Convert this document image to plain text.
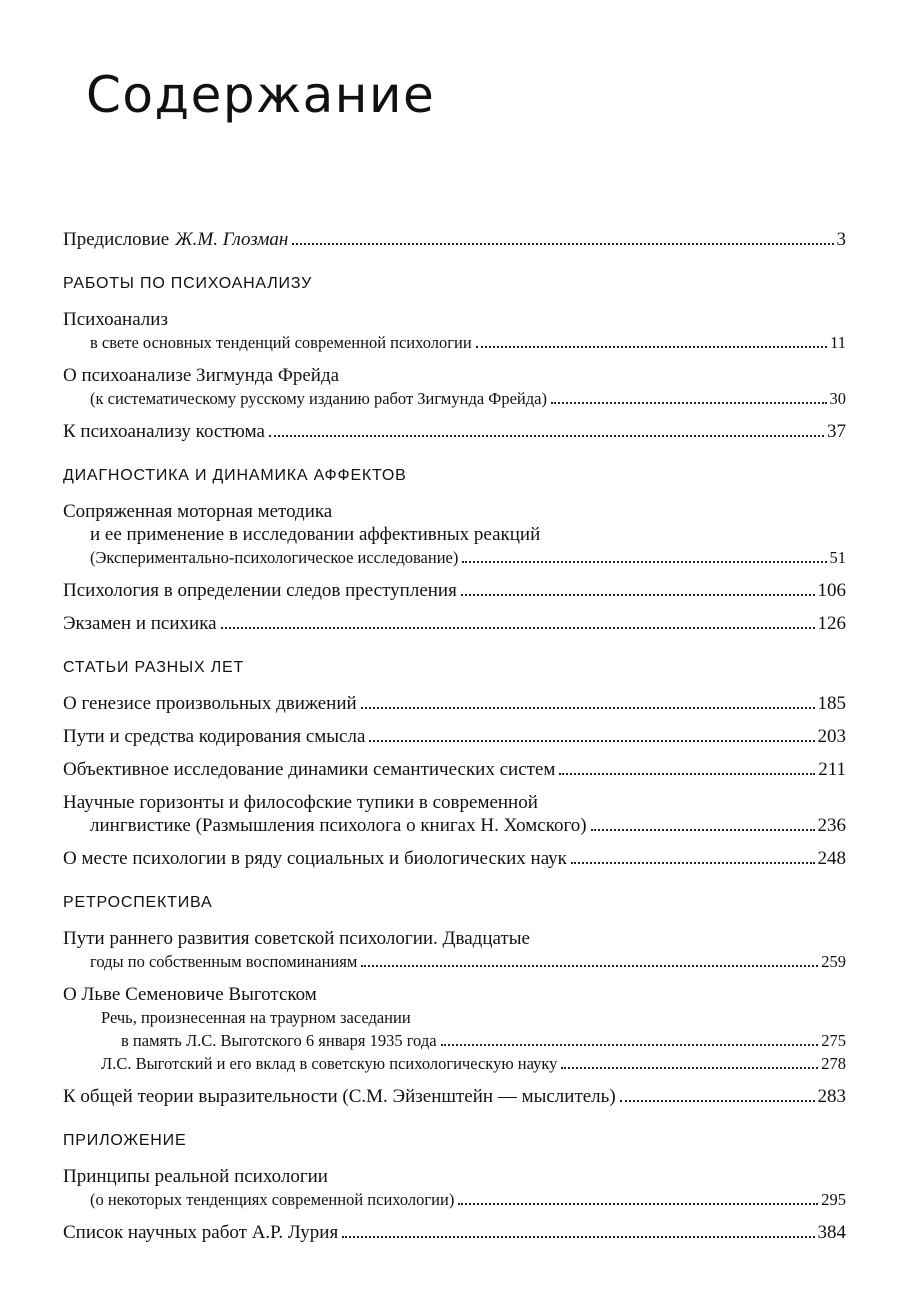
Содержание
Предисловие Ж.М. Глозман	3
РАБОТЫ ПО ПСИХОАНАЛИЗУ
Психоанализ
в свете основных тенденций современной психологии	11
О психоанализе Зигмунда Фрейда
(к систематическому русскому изданию работ Зигмунда Фрейда)	30
К психоанализу костюма	37
ДИАГНОСТИКА И ДИНАМИКА АФФЕКТОВ
Сопряженная моторная методика
и ее применение в исследовании аффективных реакций
(Экспериментально-психологическое исследование)	51
Психология в определении следов преступления	106
Экзамен и психика	126
СТАТЬИ РАЗНЫХ ЛЕТ
О генезисе произвольных движений	185
Пути и средства кодирования смысла	203
Объективное исследование динамики семантических систем	211
Научные горизонты и философские тупики в современной
лингвистике (Размышления психолога о книгах Н. Хомского)	236
О месте психологии в ряду социальных и биологических наук	248
РЕТРОСПЕКТИВА
Пути раннего развития советской психологии. Двадцатые
годы по собственным воспоминаниям	259
О Льве Семеновиче Выготском
Речь, произнесенная на траурном заседании
в память Л.С. Выготского 6 января 1935 года	275
Л.С. Выготский и его вклад в советскую психологическую науку	278
К общей теории выразительности (С.М. Эйзенштейн — мыслитель)	283
ПРИЛОЖЕНИЕ
Принципы реальной психологии
(о некоторых тенденциях современной психологии)	295
Список научных работ А.Р. Лурия	384
